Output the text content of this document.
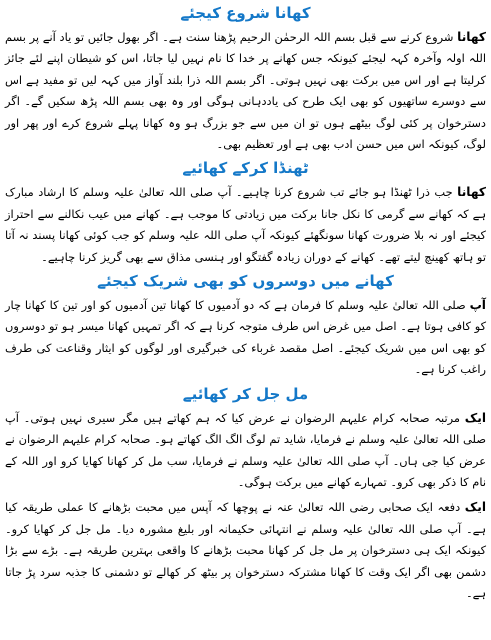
کھانا شروع کیجئے

کھانا شروع کرنے سے قبل بسم اللہ الرحمٰن الرحیم پڑھنا سنت ہے۔ اگر بھول جائیں تو یاد آنے پر بسم اللہ اولہ وآخرہ کہہ لیجئے کیونکہ جس کھانے پر خدا کا نام نہیں لیا جاتا، اس کو شیطان اپنے لئے جائز کرلیتا ہے اور اس میں برکت بھی نہیں ہوتی۔ اگر بسم اللہ ذرا بلند آواز میں کہہ لیں تو مفید ہے اس سے دوسرے ساتھیوں کو بھی ایک طرح کی یاددہانی ہوگی اور وہ بھی بسم اللہ پڑھ سکیں گے۔ اگر دسترخوان پر کئی لوگ بیٹھے ہوں تو ان میں سے جو بزرگ ہو وہ کھانا پہلے شروع کرے اور پھر اور لوگ، کیونکہ اس میں حسن ادب بھی ہے اور تعظیم بھی۔

ٹھنڈا کرکے کھائیے

کھانا جب ذرا ٹھنڈا ہو جائے تب شروع کرنا چاہیے۔ آپ صلی اللہ تعالیٰ علیہ وسلم کا ارشاد مبارک ہے کہ کھانے سے گرمی کا نکل جانا برکت میں زیادتی کا موجب ہے۔ کھانے میں عیب نکالنے سے احتراز کیجئے اور نہ بلا ضرورت کھانا سونگھئے کیونکہ آپ صلی اللہ علیہ وسلم کو جب کوئی کھانا پسند نہ آتا تو ہاتھ کھینچ لیتے تھے۔ کھانے کے دوران زیادہ گفتگو اور ہنسی مذاق سے بھی گریز کرنا چاہیے۔

کھانے میں دوسروں کو بھی شریک کیجئے

آپ صلی اللہ تعالیٰ علیہ وسلم کا فرمان ہے کہ دو آدمیوں کا کھانا تین آدمیوں کو اور تین کا کھانا چار کو کافی ہوتا ہے۔ اصل میں غرض اس طرف متوجہ کرنا ہے کہ اگر تمہیں کھانا میسر ہو تو دوسروں کو بھی اس میں شریک کیجئے۔ اصل مقصد غرباء کی خبرگیری اور لوگوں کو ایثار وقناعت کی طرف راغب کرنا ہے۔

مل جل کر کھائیے

ایک مرتبہ صحابہ کرام علیہم الرضوان نے عرض کیا کہ ہم کھاتے ہیں مگر سیری نہیں ہوتی۔ آپ صلی اللہ تعالیٰ علیہ وسلم نے فرمایا، شاید تم لوگ الگ الگ کھاتے ہو۔ صحابہ کرام علیہم الرضوان نے عرض کیا جی ہاں۔ آپ صلی اللہ تعالیٰ علیہ وسلم نے فرمایا، سب مل کر کھانا کھایا کرو اور اللہ کے نام کا ذکر بھی کرو۔ تمہارے کھانے میں برکت ہوگی۔

ایک دفعہ ایک صحابی رضی اللہ تعالیٰ عنہ نے پوچھا کہ آپس میں محبت بڑھانے کا عملی طریقہ کیا ہے۔ آپ صلی اللہ تعالیٰ علیہ وسلم نے انتہائی حکیمانہ اور بلیغ مشورہ دیا۔ مل جل کر کھایا کرو۔ کیونکہ ایک ہی دسترخوان پر مل جل کر کھانا محبت بڑھانے کا واقعی بہترین طریقہ ہے۔ بڑے سے بڑا دشمن بھی اگر ایک وقت کا کھانا مشترکہ دسترخوان پر بیٹھ کر کھالے تو دشمنی کا جذبہ سرد پڑ جاتا ہے۔
